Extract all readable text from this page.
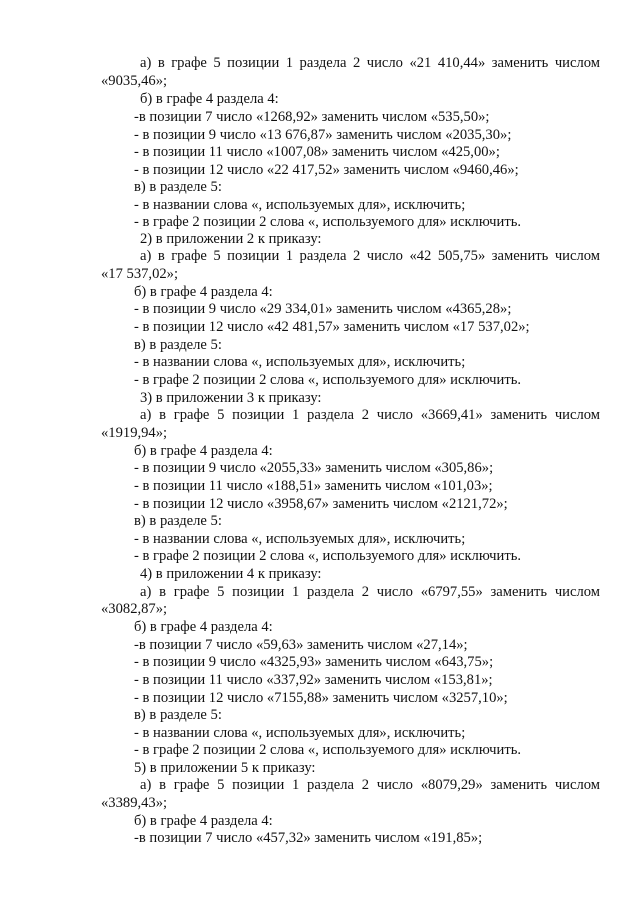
а) в графе 5 позиции 1 раздела 2 число «21 410,44» заменить числом
«9035,46»;
б) в графе 4 раздела 4:
-в позиции 7 число «1268,92» заменить числом «535,50»;
- в позиции 9 число «13 676,87» заменить числом «2035,30»;
- в позиции 11 число «1007,08» заменить числом «425,00»;
- в позиции 12 число «22 417,52» заменить числом «9460,46»;
в) в разделе 5:
- в названии слова «, используемых для», исключить;
- в графе 2 позиции 2 слова «, используемого для» исключить.
2) в приложении 2 к приказу:
а) в графе 5 позиции 1 раздела 2 число «42 505,75» заменить числом
«17 537,02»;
б) в графе 4 раздела 4:
- в позиции 9 число «29 334,01» заменить числом «4365,28»;
- в позиции 12 число «42 481,57» заменить числом «17 537,02»;
в) в разделе 5:
- в названии слова «, используемых для», исключить;
- в графе 2 позиции 2 слова «, используемого для» исключить.
3) в приложении 3 к приказу:
а) в графе 5 позиции 1 раздела 2 число «3669,41» заменить числом
«1919,94»;
б) в графе 4 раздела 4:
- в позиции 9 число «2055,33» заменить числом «305,86»;
- в позиции 11 число «188,51» заменить числом «101,03»;
- в позиции 12 число «3958,67» заменить числом «2121,72»;
в) в разделе 5:
- в названии слова «, используемых для», исключить;
- в графе 2 позиции 2 слова «, используемого для» исключить.
4) в приложении 4 к приказу:
а) в графе 5 позиции 1 раздела 2 число «6797,55» заменить числом
«3082,87»;
б) в графе 4 раздела 4:
-в позиции 7 число «59,63» заменить числом «27,14»;
- в позиции 9 число «4325,93» заменить числом «643,75»;
- в позиции 11 число «337,92» заменить числом «153,81»;
- в позиции 12 число «7155,88» заменить числом «3257,10»;
в) в разделе 5:
- в названии слова «, используемых для», исключить;
- в графе 2 позиции 2 слова «, используемого для» исключить.
5) в приложении 5 к приказу:
а) в графе 5 позиции 1 раздела 2 число «8079,29» заменить числом
«3389,43»;
б) в графе 4 раздела 4:
-в позиции 7 число «457,32» заменить числом «191,85»;
